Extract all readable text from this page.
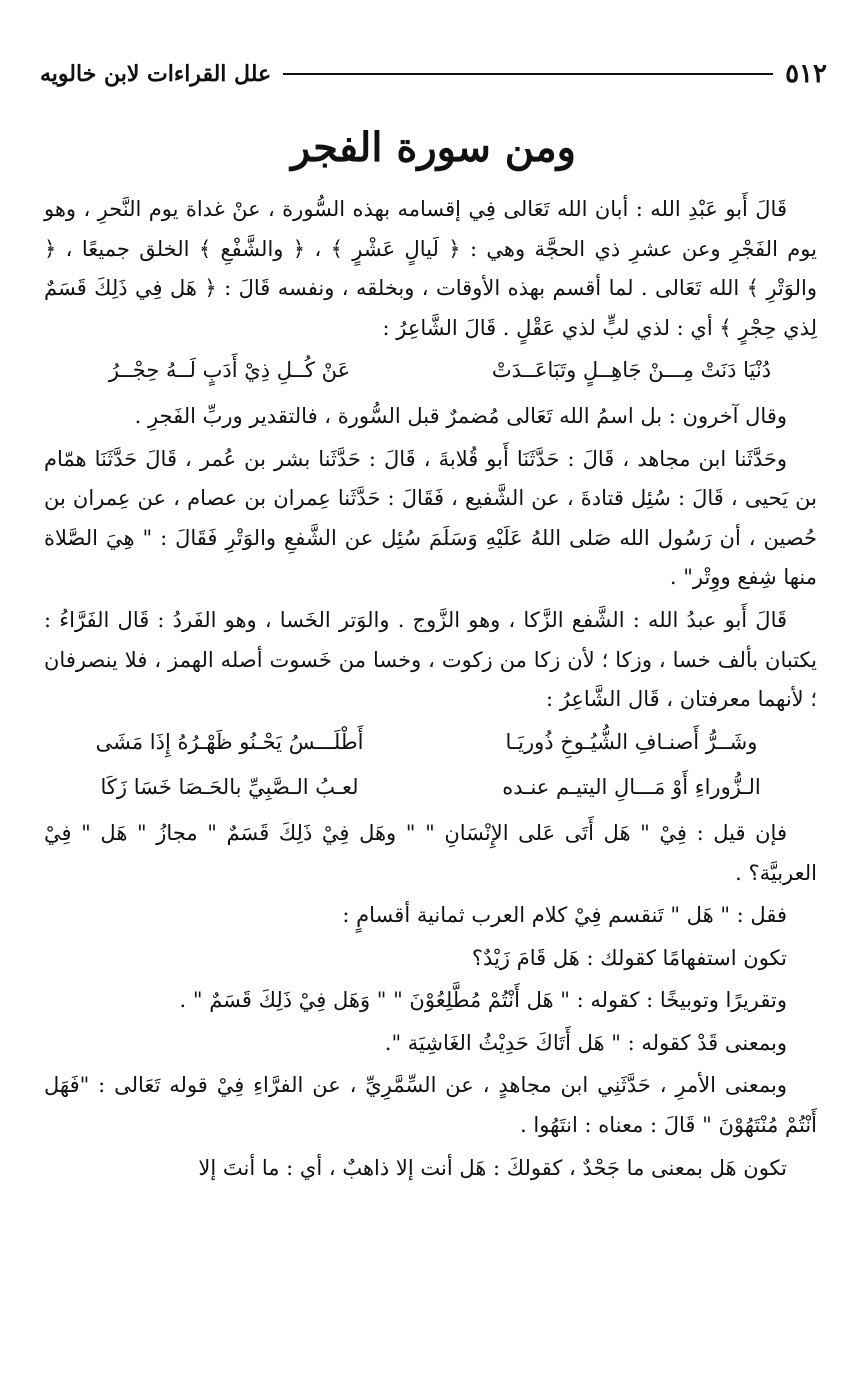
٥١٢
علل القراءات لابن خالويه
ومن سورة الفجر

قَالَ أَبو عَبْدِ الله : أبان الله تَعَالى فِي إقسامه بهذه السُّورة ، عنْ غداة يوم النَّحرِ ، وهو يوم الفَجْرِ وعن عشرِ ذي الحجَّة وهي : ﴿ لَيالٍ عَشْرٍ ﴾ ، ﴿ والشَّفْعِ ﴾ الخلق جميعًا ، ﴿ والوَتْرِ ﴾ الله تَعَالى . لما أقسم بهذه الأوقات ، وبخلقه ، ونفسه قَالَ : ﴿ هَل فِي ذَلِكَ قَسَمٌ لِذي حِجْرٍ ﴾ أي : لذي لبٍّ لذي عَقْلٍ . قَالَ الشَّاعِرُ :

دُنْيَا دَنَتْ مِـــنْ جَاهِــلٍ وتَبَاعَــدَتْ
عَنْ كُــلِ ذِيْ أَدَبٍ لَــهُ حِجْــرُ

وقال آخرون : بل اسمُ الله تَعَالى مُضمرٌ قبل السُّورة ، فالتقدير وربِّ الفَجرِ .

وحَدَّثَنا ابن مجاهد ، قَالَ : حَدَّثَنَا أَبو قُلابةَ ، قَالَ : حَدَّثَنا بشر بن عُمر ، قَالَ حَدَّثَنَا همّام بن يَحيى ، قَالَ : سُئِل قتادةَ ، عن الشَّفيع ، فَقَالَ : حَدَّثَنا عِمران بن عصام ، عن عِمران بن حُصين ، أن رَسُول الله صَلى اللهُ عَلَيْهِ وَسَلَمَ سُئِل عن الشَّفعِ والوَتْرِ فَقَالَ : " هِيَ الصَّلاة منها شِفع ووِتْر" .

قَالَ أَبو عبدُ الله : الشَّفع الزَّكا ، وهو الزَّوج . والوَتر الخَسا ، وهو الفَردُ : قَال الفَرَّاءُ : يكتبان بألف خسا ، وزكا ؛ لأن زكا من زكوت ، وخسا من خَسوت أصله الهمز ، فلا ينصرفان ؛ لأنهما معرفتان ، قَال الشَّاعِرُ :

وشَــرُّ أَصنـافِ الشُّيُـوخِ ذُوريَـا
أَطْلَـــسُ يَحْـنُو ظَهْـرُهُ إِذَا مَشَى
الـزُّوراءِ أَوْ مَـــالِ اليتيـم عنـده
لعـبُ الـصَّبِيِّ بالحَـصَا خَسَا زَكَا

فإن قيل : فِيْ " هَل أَتَى عَلى الإِنْسَانِ " " وهَل فِيْ ذَلِكَ قَسَمٌ " مجازُ " هَل " فِيْ العربيَّة؟ .

فقل : " هَل " تَنقسم فِيْ كلام العرب ثمانية أقسامٍ :

تكون استفهامًا كقولك : هَل قَامَ زَيْدٌ؟

وتقريرًا وتوبيخًا : كقوله : " هَل أَنْتُمْ مُطَّلِعُوْنَ " " وَهَل فِيْ ذَلِكَ قَسَمٌ " .

وبمعنى قَدْ كقوله : " هَل أَتَاكَ حَدِيْثُ الغَاشِيَة ".

وبمعنى الأمرِ ، حَدَّثَنِي ابن مجاهدٍ ، عن السِّمَّرِيِّ ، عن الفرَّاءِ فِيْ قوله تَعَالى : "فَهَل أَنْتُمْ مُنْتَهُوْنَ " قَالَ : معناه : انتَهُوا .

تكون هَل بمعنى ما جَحْدٌ ، كقولكَ : هَل أنت إلا ذاهبٌ ، أي : ما أنتَ إلا
